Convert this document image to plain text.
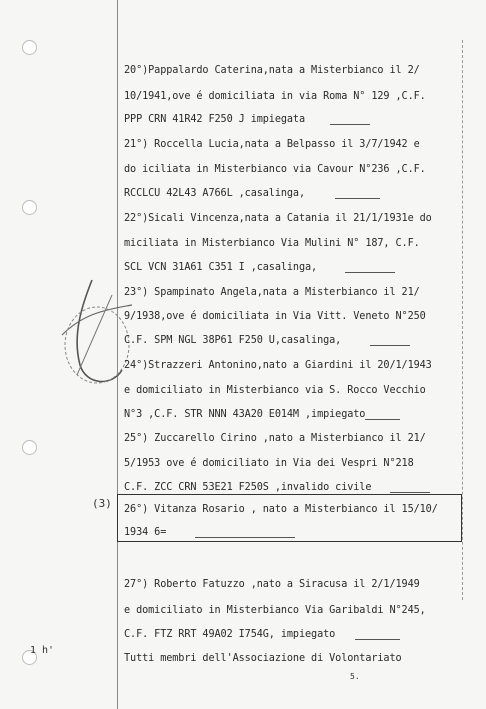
(3)
1 h'
5.
20°)Pappalardo Caterina,nata a Misterbianco il 2/
10/1941,ove é domiciliata in via Roma N° 129 ,C.F.
PPP CRN 41R42 F250 J impiegata
21°) Roccella Lucia,nata a Belpasso il 3/7/1942 e
do iciliata in Misterbianco via Cavour N°236 ,C.F.
RCCLCU 42L43 A766L ,casalinga,
22°)Sicali Vincenza,nata a Catania il 21/1/1931e do
miciliata in Misterbianco Via Mulini N° 187, C.F.
SCL VCN 31A61 C351 I ,casalinga,
23°) Spampinato Angela,nata a Misterbianco il 21/
9/1938,ove é domiciliata in Via Vitt. Veneto N°250
C.F. SPM NGL 38P61 F250 U,casalinga,
24°)Strazzeri Antonino,nato a Giardini il 20/1/1943
e domiciliato in Misterbianco via S. Rocco Vecchio
N°3 ,C.F. STR NNN 43A20 E014M ,impiegato
25°) Zuccarello Cirino ,nato a Misterbianco il 21/
5/1953 ove é domiciliato in Via dei Vespri N°218
C.F. ZCC CRN 53E21 F250S ,invalido civile
26°) Vitanza Rosario , nato a Misterbianco il 15/10/
1934 6=
27°) Roberto Fatuzzo ,nato a Siracusa il 2/1/1949
e domiciliato in Misterbianco Via Garibaldi N°245,
C.F. FTZ RRT 49A02 I754G, impiegato
Tutti membri dell'Associazione di Volontariato
